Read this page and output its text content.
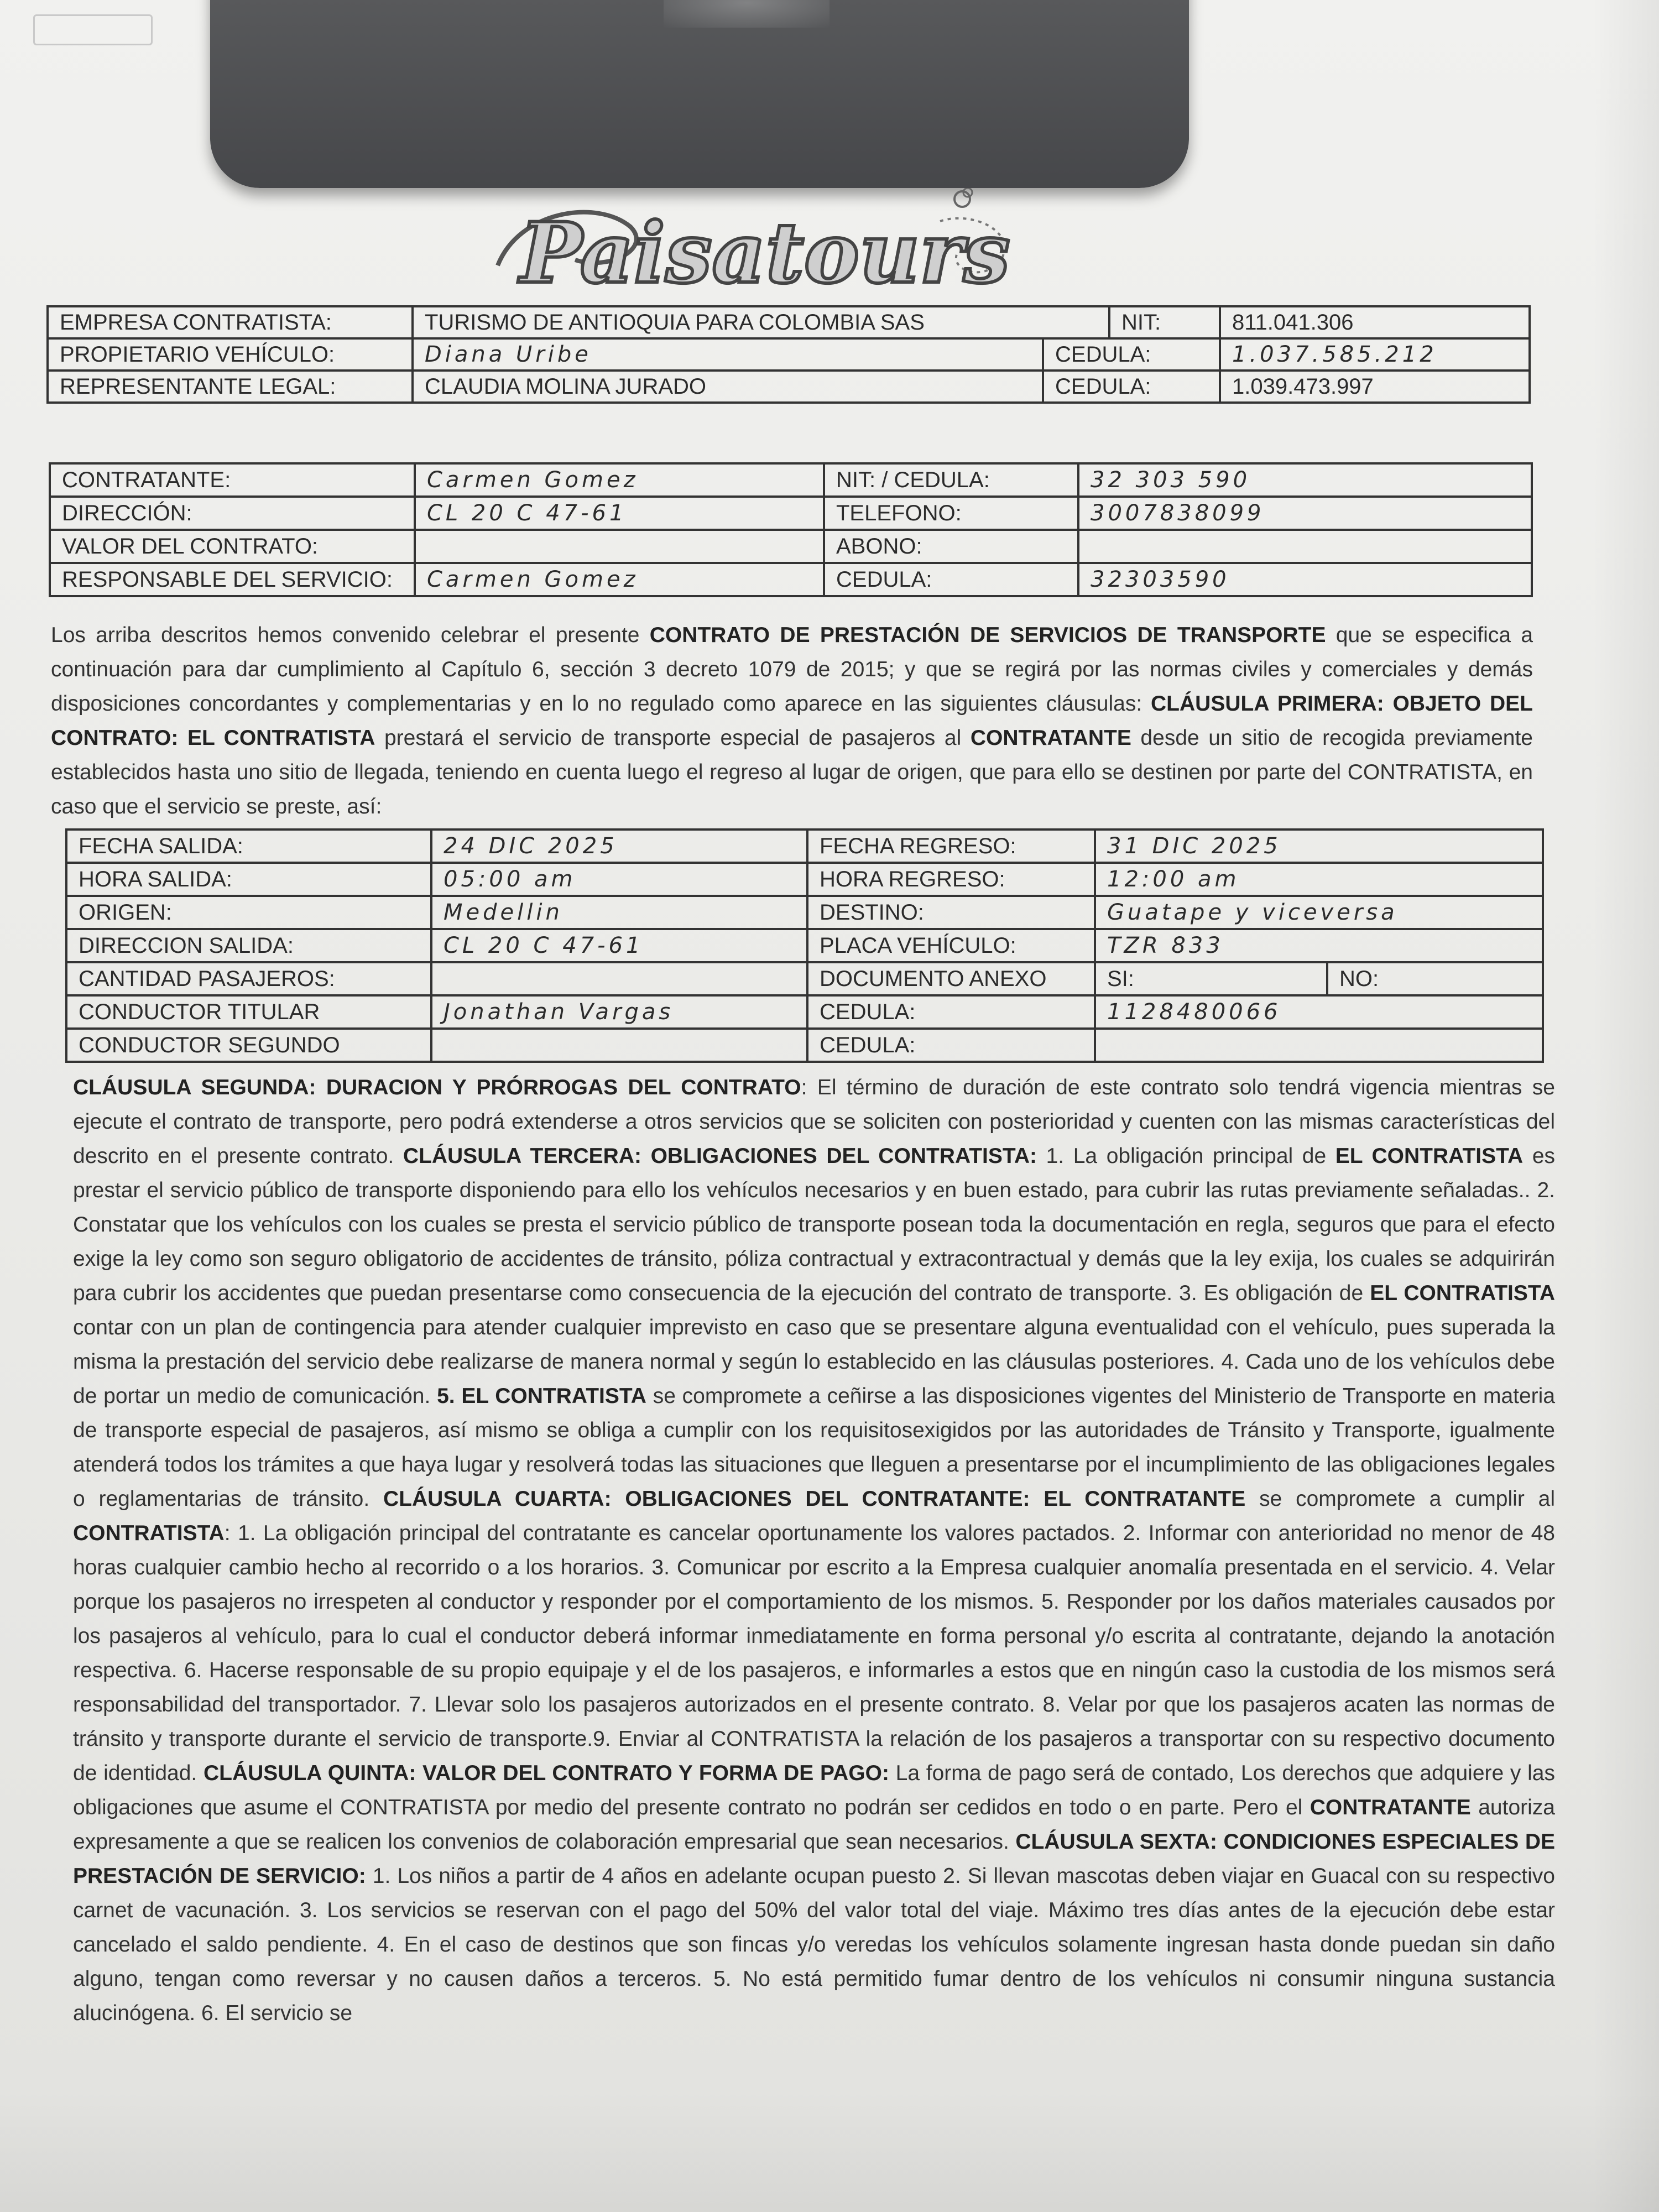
Paisatours
EMPRESA CONTRATISTA:	TURISMO DE ANTIOQUIA PARA COLOMBIA SAS		NIT:	811.041.306
PROPIETARIO VEHÍCULO:	Diana Uribe	CEDULA:		1.037.585.212
REPRESENTANTE LEGAL:	CLAUDIA MOLINA JURADO	CEDULA:		1.039.473.997
CONTRATANTE:	Carmen Gomez	NIT: / CEDULA:	32 303 590
DIRECCIÓN:	CL 20 C 47-61	TELEFONO:	3007838099
VALOR DEL CONTRATO:		ABONO:	
RESPONSABLE DEL SERVICIO:	Carmen Gomez	CEDULA:	32303590
Los arriba descritos hemos convenido celebrar el presente CONTRATO DE PRESTACIÓN DE SERVICIOS DE TRANSPORTE que se especifica a continuación para dar cumplimiento al Capítulo 6, sección 3 decreto 1079 de 2015; y que se regirá por las normas civiles y comerciales y demás disposiciones concordantes y complementarias y en lo no regulado como aparece en las siguientes cláusulas: CLÁUSULA PRIMERA: OBJETO DEL CONTRATO: EL CONTRATISTA prestará el servicio de transporte especial de pasajeros al CONTRATANTE desde un sitio de recogida previamente establecidos hasta uno sitio de llegada, teniendo en cuenta luego el regreso al lugar de origen, que para ello se destinen por parte del CONTRATISTA, en caso que el servicio se preste, así:
FECHA SALIDA:	24 DIC 2025	FECHA REGRESO:	31 DIC 2025	
HORA SALIDA:	05:00 am	HORA REGRESO:	12:00 am	
ORIGEN:	Medellin	DESTINO:	Guatape y viceversa	
DIRECCION SALIDA:	CL 20 C 47-61	PLACA VEHÍCULO:	TZR 833	
CANTIDAD PASAJEROS:		DOCUMENTO ANEXO	SI:	NO:
CONDUCTOR TITULAR	Jonathan Vargas	CEDULA:	1128480066	
CONDUCTOR SEGUNDO		CEDULA:		
CLÁUSULA SEGUNDA: DURACION Y PRÓRROGAS DEL CONTRATO: El término de duración de este contrato solo tendrá vigencia mientras se ejecute el contrato de transporte, pero podrá extenderse a otros servicios que se soliciten con posterioridad y cuenten con las mismas características del descrito en el presente contrato. CLÁUSULA TERCERA: OBLIGACIONES DEL CONTRATISTA: 1. La obligación principal de EL CONTRATISTA es prestar el servicio público de transporte disponiendo para ello los vehículos necesarios y en buen estado, para cubrir las rutas previamente señaladas.. 2. Constatar que los vehículos con los cuales se presta el servicio público de transporte posean toda la documentación en regla, seguros que para el efecto exige la ley como son seguro obligatorio de accidentes de tránsito, póliza contractual y extracontractual y demás que la ley exija, los cuales se adquirirán para cubrir los accidentes que puedan presentarse como consecuencia de la ejecución del contrato de transporte. 3. Es obligación de EL CONTRATISTA contar con un plan de contingencia para atender cualquier imprevisto en caso que se presentare alguna eventualidad con el vehículo, pues superada la misma la prestación del servicio debe realizarse de manera normal y según lo establecido en las cláusulas posteriores. 4. Cada uno de los vehículos debe de portar un medio de comunicación. 5. EL CONTRATISTA se compromete a ceñirse a las disposiciones vigentes del Ministerio de Transporte en materia de transporte especial de pasajeros, así mismo se obliga a cumplir con los requisitosexigidos por las autoridades de Tránsito y Transporte, igualmente atenderá todos los trámites a que haya lugar y resolverá todas las situaciones que lleguen a presentarse por el incumplimiento de las obligaciones legales o reglamentarias de tránsito. CLÁUSULA CUARTA: OBLIGACIONES DEL CONTRATANTE: EL CONTRATANTE se compromete a cumplir al CONTRATISTA: 1. La obligación principal del contratante es cancelar oportunamente los valores pactados. 2. Informar con anterioridad no menor de 48 horas cualquier cambio hecho al recorrido o a los horarios. 3. Comunicar por escrito a la Empresa cualquier anomalía presentada en el servicio. 4. Velar porque los pasajeros no irrespeten al conductor y responder por el comportamiento de los mismos. 5. Responder por los daños materiales causados por los pasajeros al vehículo, para lo cual el conductor deberá informar inmediatamente en forma personal y/o escrita al contratante, dejando la anotación respectiva. 6. Hacerse responsable de su propio equipaje y el de los pasajeros, e informarles a estos que en ningún caso la custodia de los mismos será responsabilidad del transportador. 7. Llevar solo los pasajeros autorizados en el presente contrato. 8. Velar por que los pasajeros acaten las normas de tránsito y transporte durante el servicio de transporte.9. Enviar al CONTRATISTA la relación de los pasajeros a transportar con su respectivo documento de identidad. CLÁUSULA QUINTA: VALOR DEL CONTRATO Y FORMA DE PAGO: La forma de pago será de contado, Los derechos que adquiere y las obligaciones que asume el CONTRATISTA por medio del presente contrato no podrán ser cedidos en todo o en parte. Pero el CONTRATANTE autoriza expresamente a que se realicen los convenios de colaboración empresarial que sean necesarios. CLÁUSULA SEXTA: CONDICIONES ESPECIALES DE PRESTACIÓN DE SERVICIO: 1. Los niños a partir de 4 años en adelante ocupan puesto 2. Si llevan mascotas deben viajar en Guacal con su respectivo carnet de vacunación. 3. Los servicios se reservan con el pago del 50% del valor total del viaje. Máximo tres días antes de la ejecución debe estar cancelado el saldo pendiente. 4. En el caso de destinos que son fincas y/o veredas los vehículos solamente ingresan hasta donde puedan sin daño alguno, tengan como reversar y no causen daños a terceros. 5. No está permitido fumar dentro de los vehículos ni consumir ninguna sustancia alucinógena. 6. El servicio se
